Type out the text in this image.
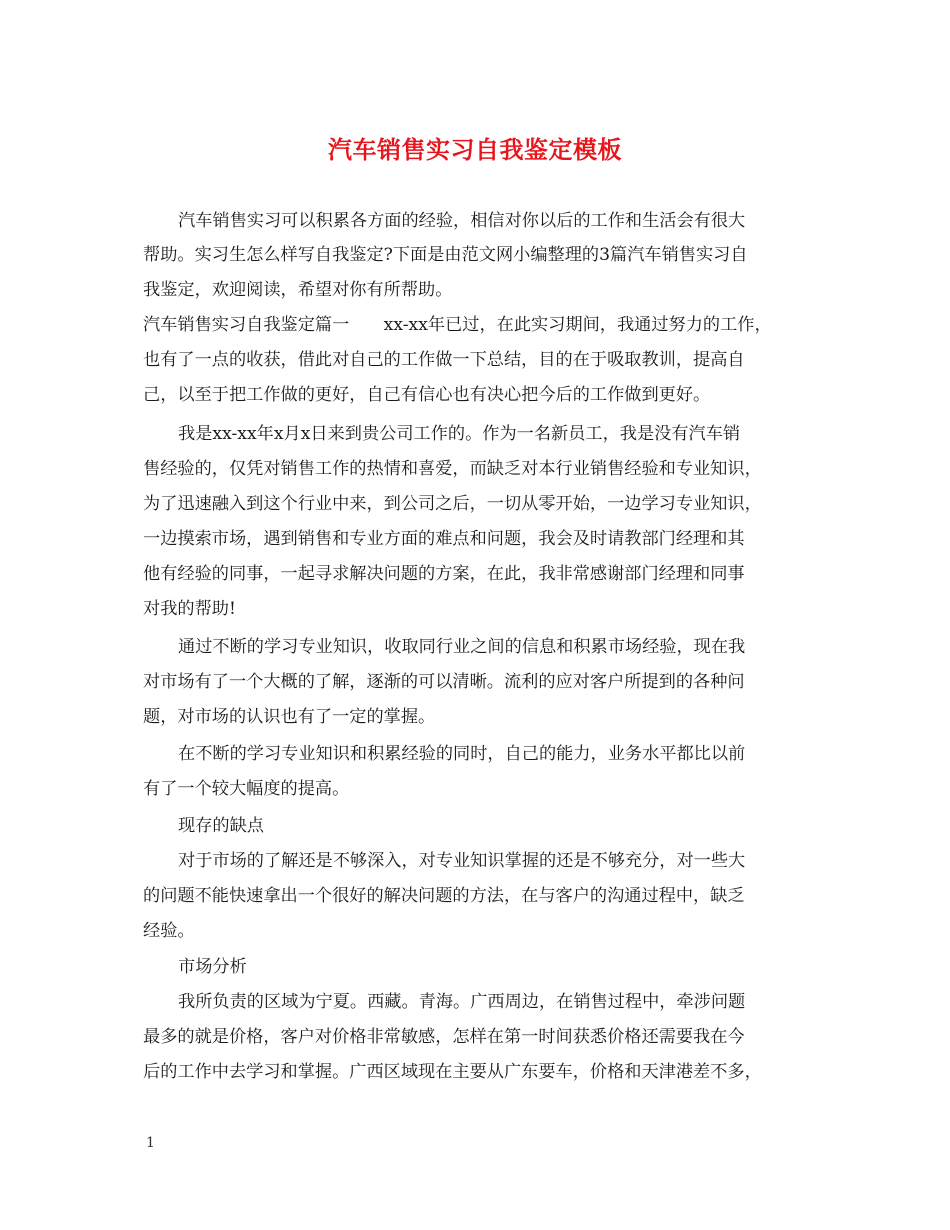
汽车销售实习自我鉴定模板
汽车销售实习可以积累各方面的经验，相信对你以后的工作和生活会有很大
帮助。实习生怎么样写自我鉴定?下面是由范文网小编整理的3篇汽车销售实习自
我鉴定，欢迎阅读，希望对你有所帮助。
汽车销售实习自我鉴定篇一　　xx-xx年已过，在此实习期间，我通过努力的工作，
也有了一点的收获，借此对自己的工作做一下总结，目的在于吸取教训，提高自
己，以至于把工作做的更好，自己有信心也有决心把今后的工作做到更好。
我是xx-xx年x月x日来到贵公司工作的。作为一名新员工，我是没有汽车销
售经验的，仅凭对销售工作的热情和喜爱，而缺乏对本行业销售经验和专业知识，
为了迅速融入到这个行业中来，到公司之后，一切从零开始，一边学习专业知识，
一边摸索市场，遇到销售和专业方面的难点和问题，我会及时请教部门经理和其
他有经验的同事，一起寻求解决问题的方案，在此，我非常感谢部门经理和同事
对我的帮助!
通过不断的学习专业知识，收取同行业之间的信息和积累市场经验，现在我
对市场有了一个大概的了解，逐渐的可以清晰。流利的应对客户所提到的各种问
题，对市场的认识也有了一定的掌握。
在不断的学习专业知识和积累经验的同时，自己的能力，业务水平都比以前
有了一个较大幅度的提高。
现存的缺点
对于市场的了解还是不够深入，对专业知识掌握的还是不够充分，对一些大
的问题不能快速拿出一个很好的解决问题的方法，在与客户的沟通过程中，缺乏
经验。
市场分析
我所负责的区域为宁夏。西藏。青海。广西周边，在销售过程中，牵涉问题
最多的就是价格，客户对价格非常敏感，怎样在第一时间获悉价格还需要我在今
后的工作中去学习和掌握。广西区域现在主要从广东要车，价格和天津港差不多，
1
